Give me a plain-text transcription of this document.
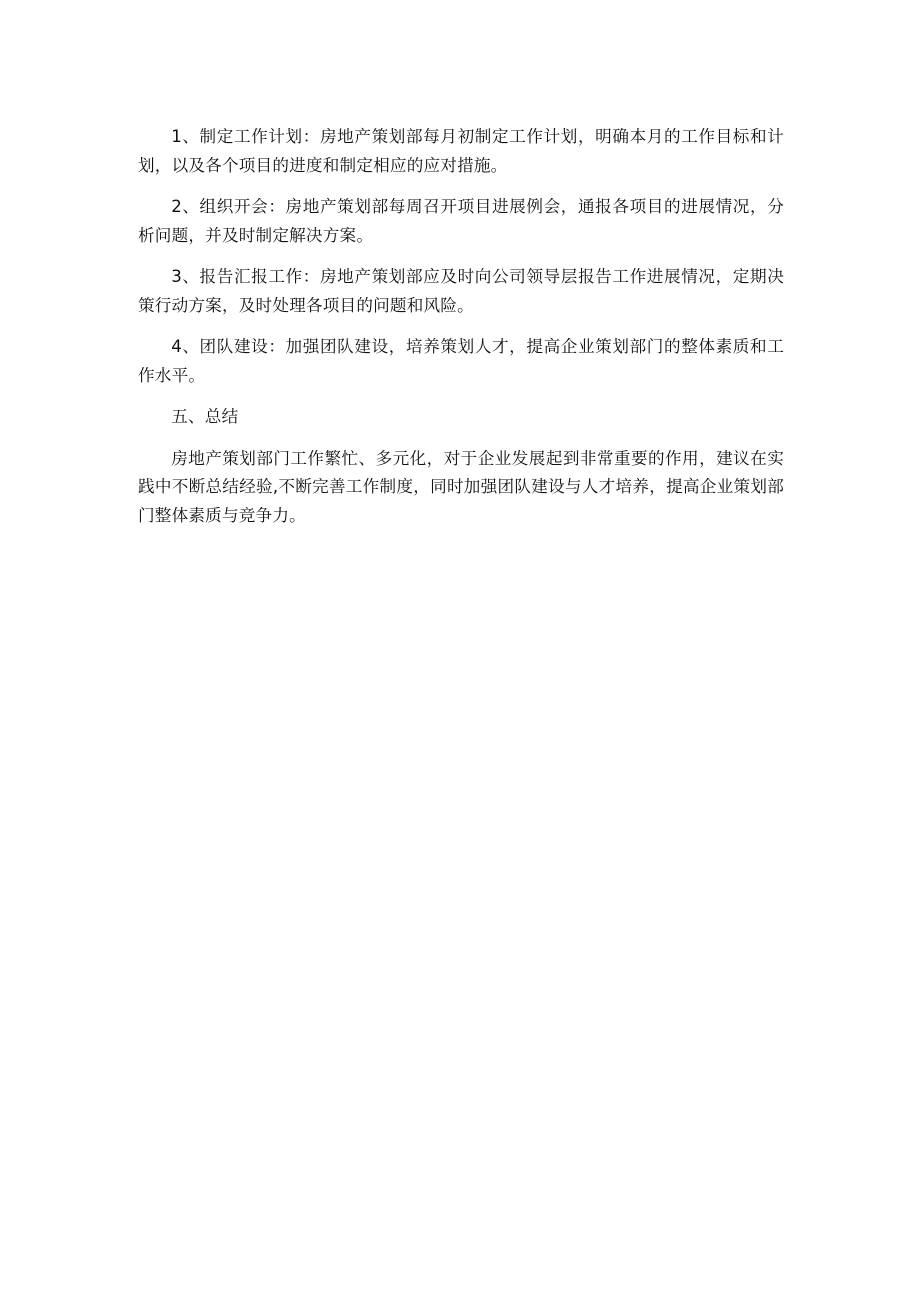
1、制定工作计划：房地产策划部每月初制定工作计划，明确本月的工作目标和计划，以及各个项目的进度和制定相应的应对措施。

2、组织开会：房地产策划部每周召开项目进展例会，通报各项目的进展情况，分析问题，并及时制定解决方案。

3、报告汇报工作：房地产策划部应及时向公司领导层报告工作进展情况，定期决策行动方案，及时处理各项目的问题和风险。

4、团队建设：加强团队建设，培养策划人才，提高企业策划部门的整体素质和工作水平。

五、总结

房地产策划部门工作繁忙、多元化，对于企业发展起到非常重要的作用，建议在实践中不断总结经验,不断完善工作制度，同时加强团队建设与人才培养，提高企业策划部门整体素质与竞争力。
